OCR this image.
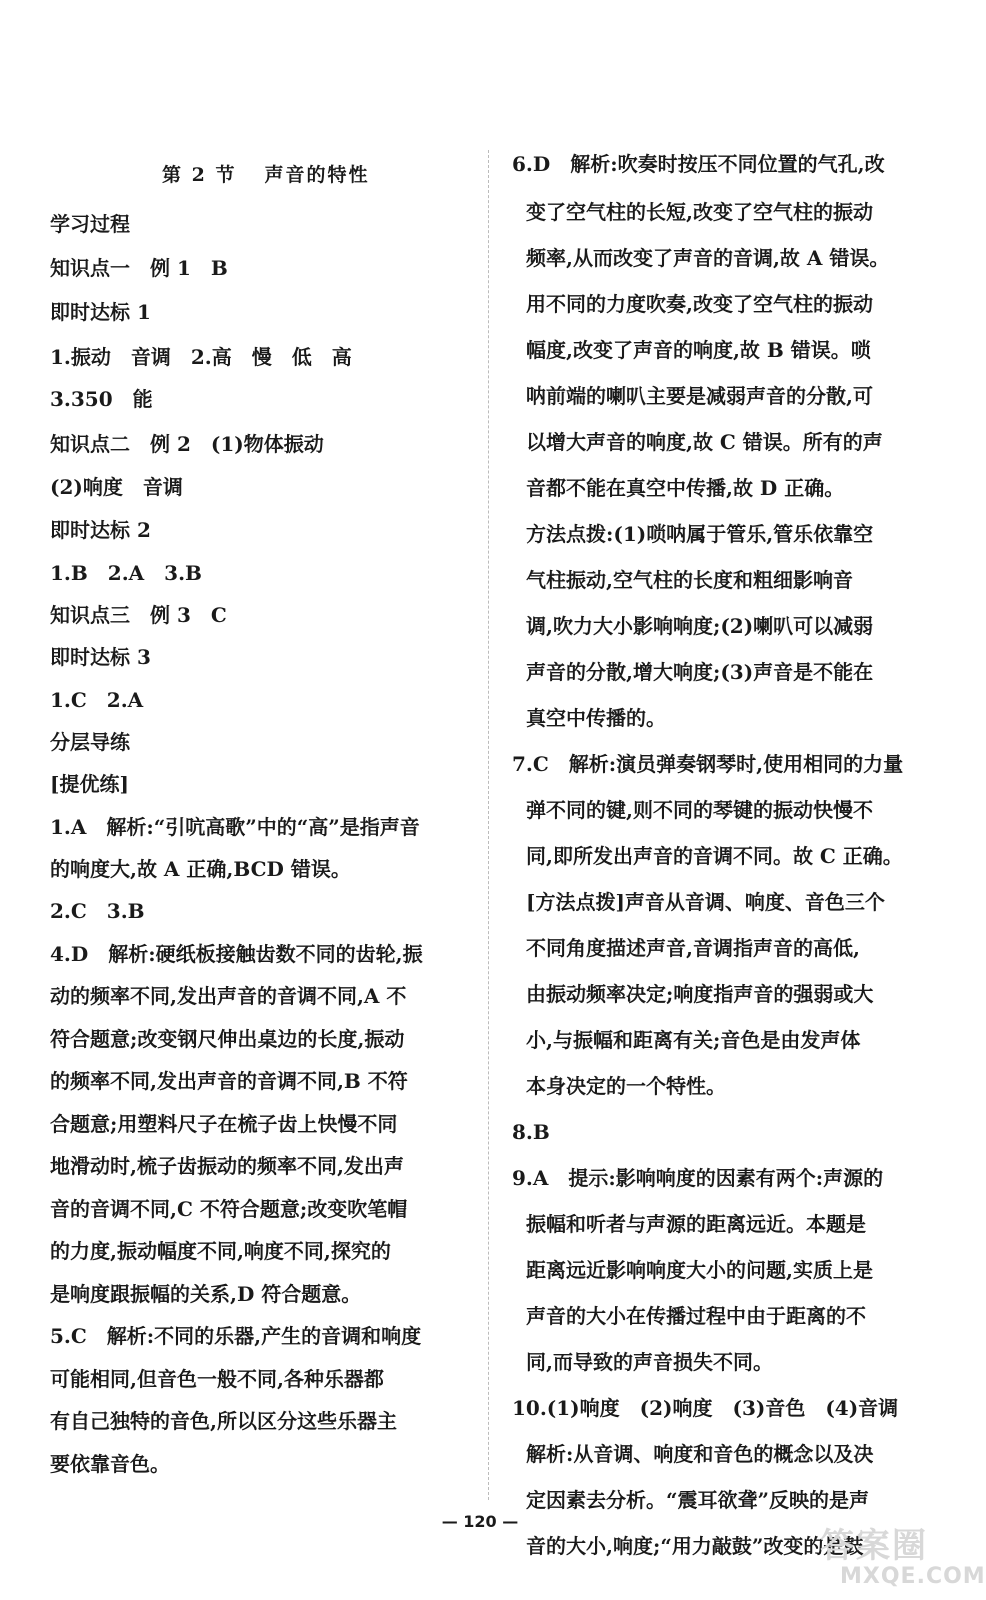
第 2 节 声音的特性

学习过程

知识点一　例 1　B

即时达标 1

1.振动　音调　2.高　慢　低　高

3.350　能

知识点二　例 2　(1)物体振动

(2)响度　音调

即时达标 2

1.B　2.A　3.B

知识点三　例 3　C

即时达标 3

1.C　2.A

分层导练

[提优练]

1.A　解析:“引吭高歌”中的“高”是指声音

的响度大,故 A 正确,BCD 错误。

2.C　3.B

4.D　解析:硬纸板接触齿数不同的齿轮,振

动的频率不同,发出声音的音调不同,A 不

符合题意;改变钢尺伸出桌边的长度,振动

的频率不同,发出声音的音调不同,B 不符

合题意;用塑料尺子在梳子齿上快慢不同

地滑动时,梳子齿振动的频率不同,发出声

音的音调不同,C 不符合题意;改变吹笔帽

的力度,振动幅度不同,响度不同,探究的

是响度跟振幅的关系,D 符合题意。

5.C　解析:不同的乐器,产生的音调和响度

可能相同,但音色一般不同,各种乐器都

有自己独特的音色,所以区分这些乐器主

要依靠音色。

6.D　解析:吹奏时按压不同位置的气孔,改

变了空气柱的长短,改变了空气柱的振动

频率,从而改变了声音的音调,故 A 错误。

用不同的力度吹奏,改变了空气柱的振动

幅度,改变了声音的响度,故 B 错误。唢

呐前端的喇叭主要是减弱声音的分散,可

以增大声音的响度,故 C 错误。所有的声

音都不能在真空中传播,故 D 正确。

方法点拨:(1)唢呐属于管乐,管乐依靠空

气柱振动,空气柱的长度和粗细影响音

调,吹力大小影响响度;(2)喇叭可以减弱

声音的分散,增大响度;(3)声音是不能在

真空中传播的。

7.C　解析:演员弹奏钢琴时,使用相同的力量

弹不同的键,则不同的琴键的振动快慢不

同,即所发出声音的音调不同。故 C 正确。

[方法点拨]声音从音调、响度、音色三个

不同角度描述声音,音调指声音的高低,

由振动频率决定;响度指声音的强弱或大

小,与振幅和距离有关;音色是由发声体

本身决定的一个特性。

8.B

9.A　提示:影响响度的因素有两个:声源的

振幅和听者与声源的距离远近。本题是

距离远近影响响度大小的问题,实质上是

声音的大小在传播过程中由于距离的不

同,而导致的声音损失不同。

10.(1)响度　(2)响度　(3)音色　(4)音调

解析:从音调、响度和音色的概念以及决

定因素去分析。“震耳欲聋”反映的是声

音的大小,响度;“用力敲鼓”改变的是鼓

— 120 —
答案圈
MXQE.COM
